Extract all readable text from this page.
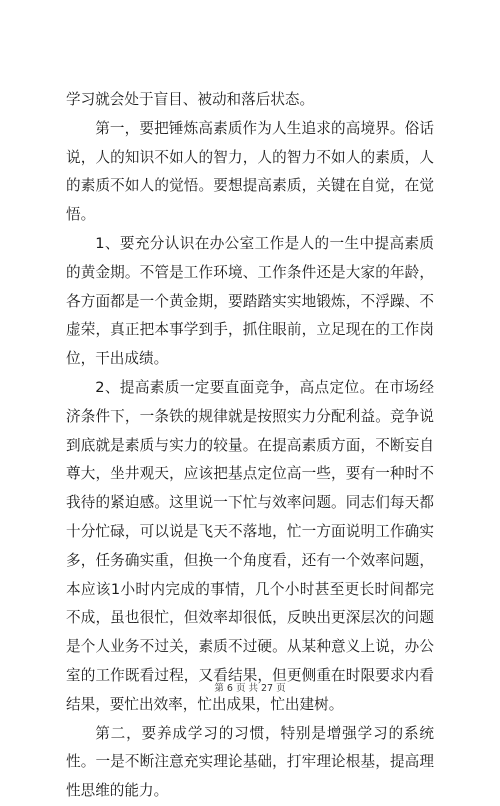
学习就会处于盲目、被动和落后状态。

第一，要把锤炼高素质作为人生追求的高境界。俗话说，人的知识不如人的智力，人的智力不如人的素质，人的素质不如人的觉悟。要想提高素质，关键在自觉，在觉悟。

1、要充分认识在办公室工作是人的一生中提高素质的黄金期。不管是工作环境、工作条件还是大家的年龄，各方面都是一个黄金期，要踏踏实实地锻炼，不浮躁、不虚荣，真正把本事学到手，抓住眼前，立足现在的工作岗位，干出成绩。

2、提高素质一定要直面竞争，高点定位。在市场经济条件下，一条铁的规律就是按照实力分配利益。竞争说到底就是素质与实力的较量。在提高素质方面，不断妄自尊大，坐井观天，应该把基点定位高一些，要有一种时不我待的紧迫感。这里说一下忙与效率问题。同志们每天都十分忙碌，可以说是飞天不落地，忙一方面说明工作确实多，任务确实重，但换一个角度看，还有一个效率问题，本应该1小时内完成的事情，几个小时甚至更长时间都完不成，虽也很忙，但效率却很低，反映出更深层次的问题是个人业务不过关，素质不过硬。从某种意义上说，办公室的工作既看过程，又看结果，但更侧重在时限要求内看结果，要忙出效率，忙出成果，忙出建树。

第二，要养成学习的习惯，特别是增强学习的系统性。一是不断注意充实理论基础，打牢理论根基，提高理性思维的能力。

第 6 页 共 27 页
